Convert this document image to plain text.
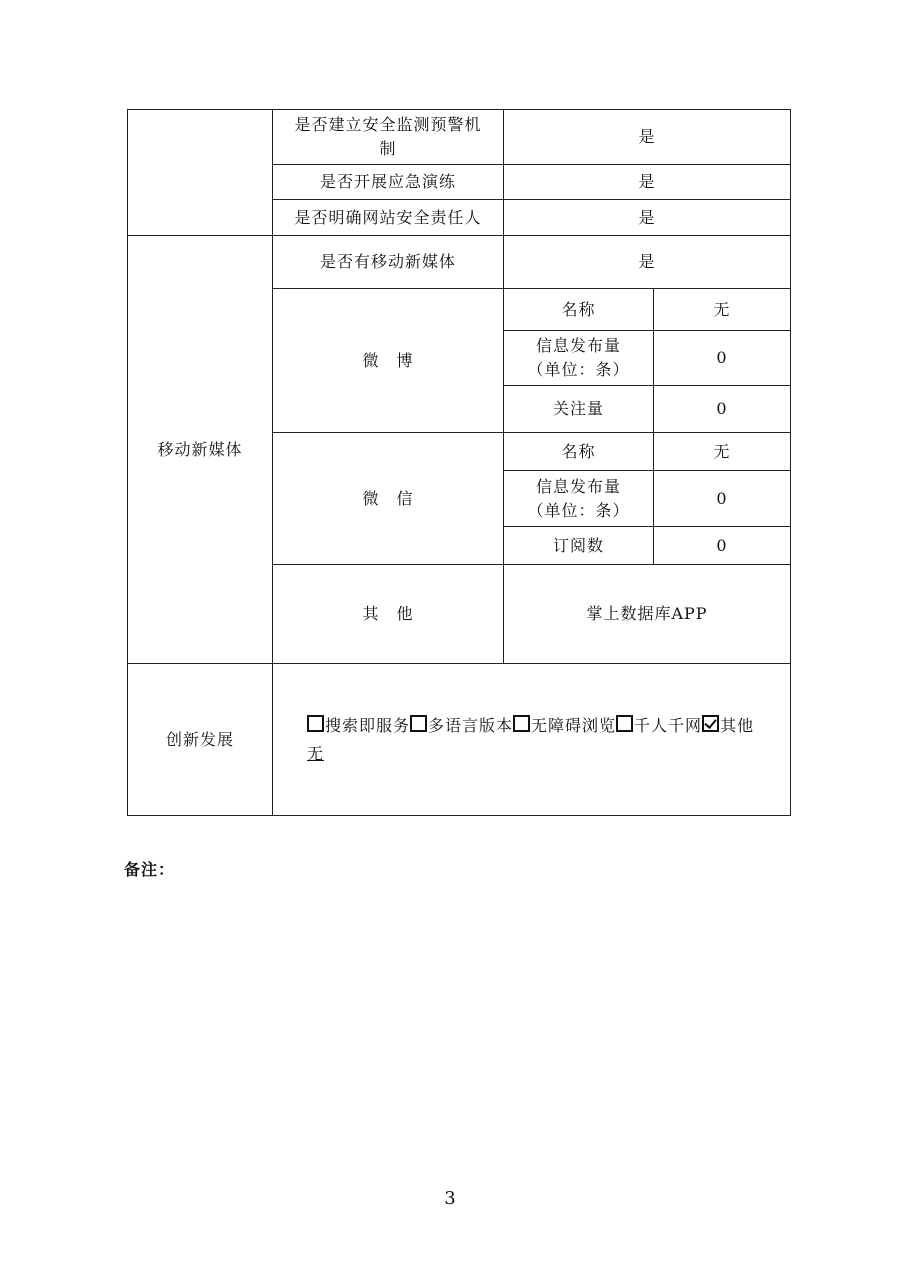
	是否建立安全监测预警机制	是	
	是否开展应急演练	是	
	是否明确网站安全责任人	是	
移动新媒体	是否有移动新媒体	是	
	微　博	名称	无
		信息发布量（单位：条）	0
		关注量	0
	微　信	名称	无
		信息发布量（单位：条）	0
		订阅数	0
	其　他	掌上数据库APP	
创新发展	搜索即服务 多语言版本 无障碍浏览 千人千网 其他
无		
备注：
3
